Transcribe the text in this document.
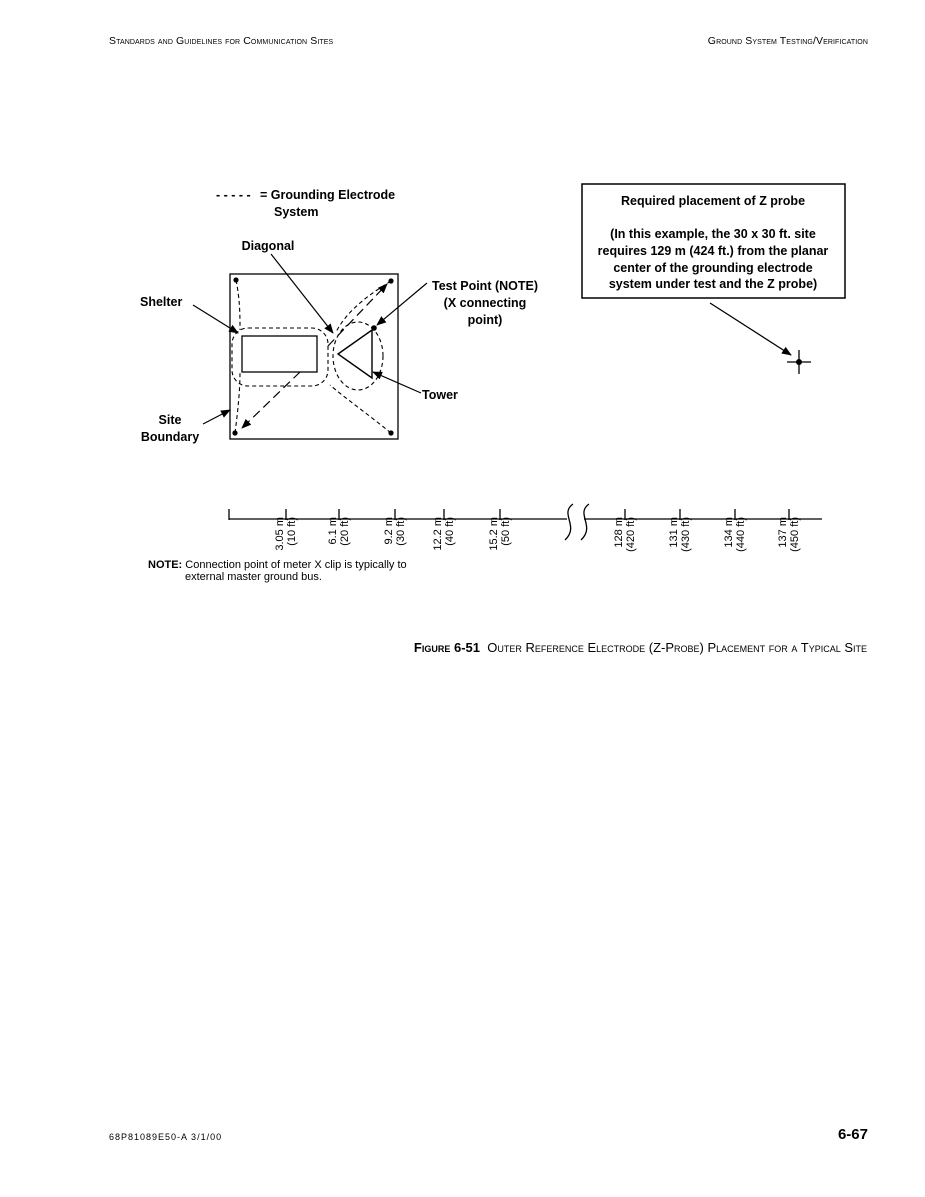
Standards and Guidelines for Communication Sites	Ground System Testing/Verification
- - - - - = Grounding Electrode
System
Diagonal
Shelter
Site
Boundary
Test Point (NOTE)
(X connecting
point)
Tower
Required placement of Z probe
(In this example, the 30 x 30 ft. site
requires 129 m (424 ft.) from the planar
center of the grounding electrode
system under test and the Z probe)
3.05 m (10 ft)	6.1 m (20 ft)	9.2 m (30 ft) 12.2 m (40 ft)	15.2 m (50 ft)	128 m (420 ft)	131 m (430 ft)	134 m (440 ft)	137 m (450 ft)
NOTE: Connection point of meter X clip is typically to
external master ground bus.
Figure 6-51 Outer Reference Electrode (Z-Probe) Placement for a Typical Site
68P81089E50-A 3/1/00	6-67
